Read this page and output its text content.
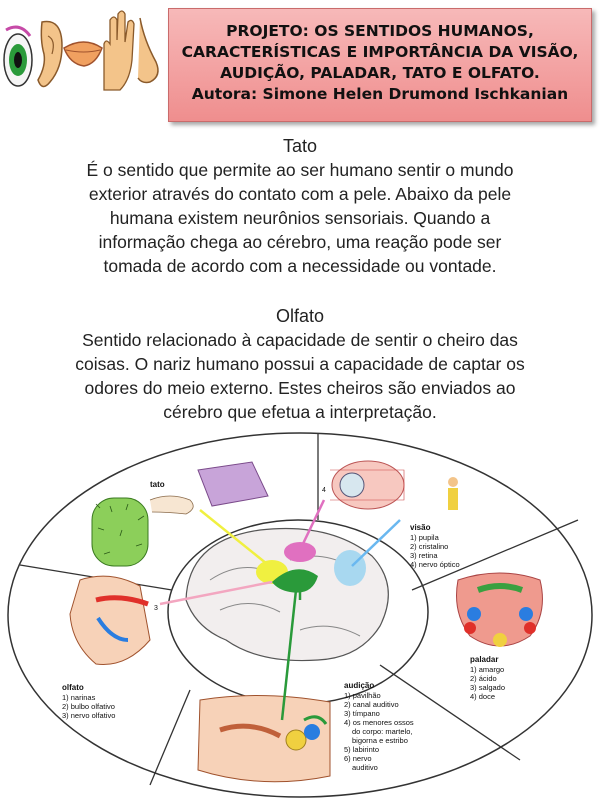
PROJETO: OS SENTIDOS HUMANOS,
CARACTERÍSTICAS E IMPORTÂNCIA DA VISÃO,
AUDIÇÃO, PALADAR, TATO E OLFATO.
Autora: Simone Helen Drumond Ischkanian
Tato
É o sentido que permite ao ser humano sentir o mundo
exterior através do contato com a pele. Abaixo da pele
humana existem neurônios sensoriais. Quando a
informação chega ao cérebro, uma reação pode ser
tomada de acordo com a necessidade ou vontade.
Olfato
Sentido relacionado à capacidade de sentir o cheiro das
coisas. O nariz humano possui a capacidade de captar os
odores do meio externo. Estes cheiros são enviados ao
cérebro que efetua a interpretação.
tato
4
visão
1) pupila
2) cristalino
3) retina
4) nervo óptico
paladar
1) amargo
2) ácido
3) salgado
4) doce
3
olfato
1) narinas
2) bulbo olfativo
3) nervo olfativo
audição
1) pavilhão
2) canal auditivo
3) tímpano
4) os menores ossos
do corpo: martelo,
bigorna e estribo
5) labirinto
6) nervo
auditivo
